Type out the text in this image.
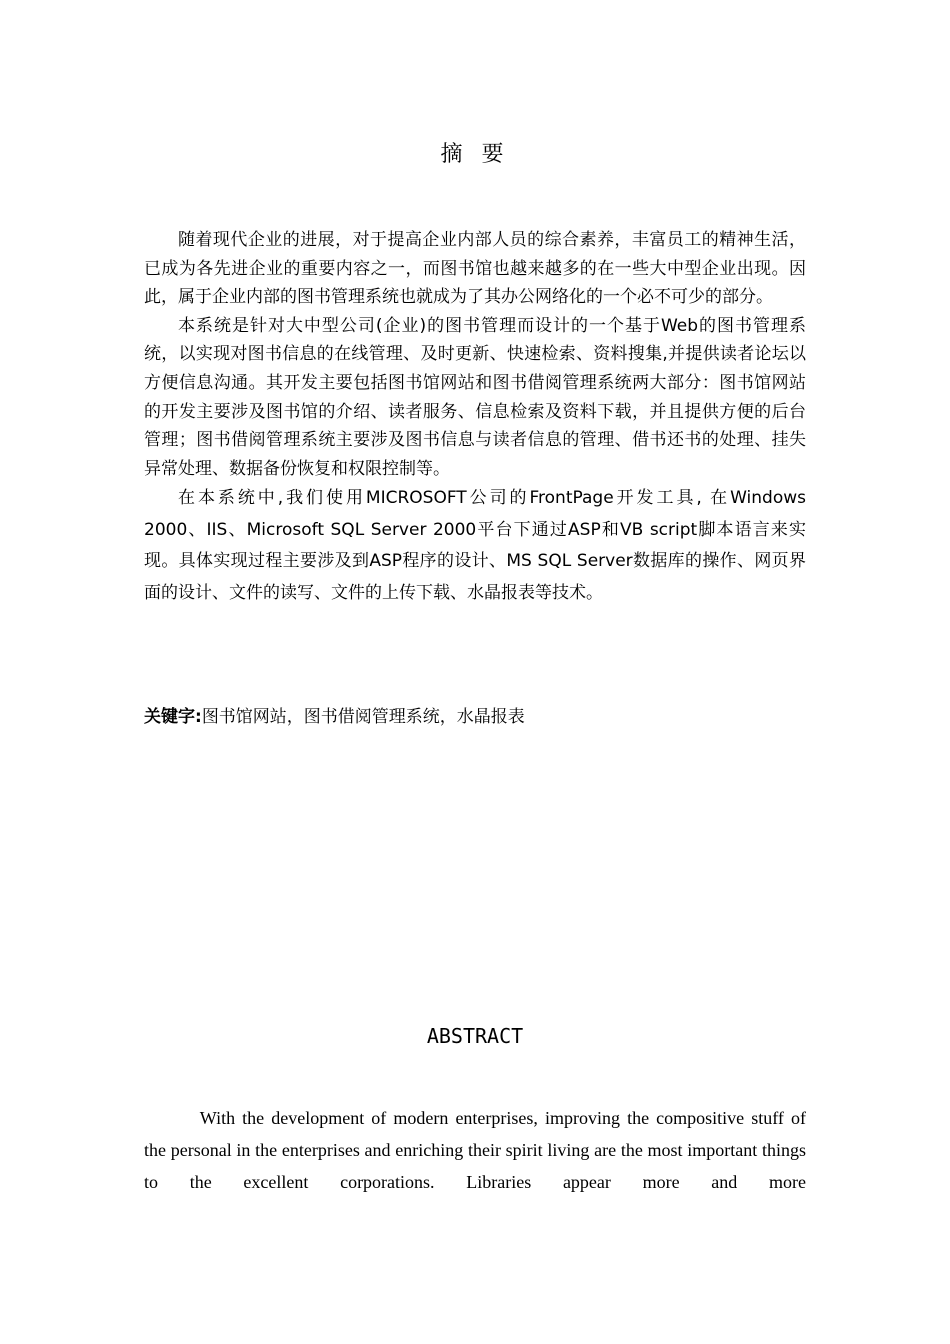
摘 要

随着现代企业的进展，对于提高企业内部人员的综合素养，丰富员工的精神生活，已成为各先进企业的重要内容之一，而图书馆也越来越多的在一些大中型企业出现。因此，属于企业内部的图书管理系统也就成为了其办公网络化的一个必不可少的部分。

本系统是针对大中型公司(企业)的图书管理而设计的一个基于Web的图书管理系统，以实现对图书信息的在线管理、及时更新、快速检索、资料搜集,并提供读者论坛以方便信息沟通。其开发主要包括图书馆网站和图书借阅管理系统两大部分：图书馆网站的开发主要涉及图书馆的介绍、读者服务、信息检索及资料下载，并且提供方便的后台管理；图书借阅管理系统主要涉及图书信息与读者信息的管理、借书还书的处理、挂失异常处理、数据备份恢复和权限控制等。

在本系统中,我们使用MICROSOFT公司的FrontPage开发工具, 在Windows 2000、IIS、Microsoft SQL Server 2000平台下通过ASP和VB script脚本语言来实现。具体实现过程主要涉及到ASP程序的设计、MS SQL Server数据库的操作、网页界面的设计、文件的读写、文件的上传下载、水晶报表等技术。

关键字:图书馆网站，图书借阅管理系统，水晶报表
ABSTRACT

With the development of modern enterprises, improving the compositive stuff of the personal in the enterprises and enriching their spirit living are the most important things to the excellent corporations. Libraries appear more and more
